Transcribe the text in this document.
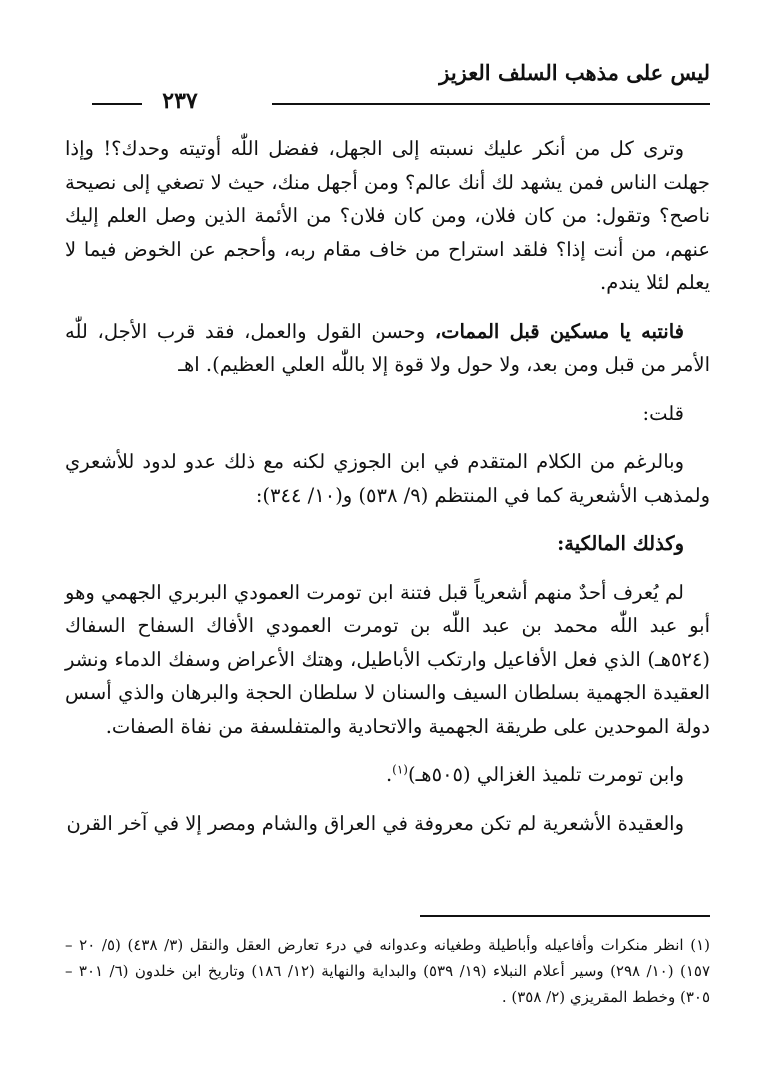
ليس على مذهب السلف العزيز
٢٣٧

وترى كل من أنكر عليك نسبته إلى الجهل، ففضل اللّٰه أوتيته وحدك؟! وإذا جهلت الناس فمن يشهد لك أنك عالم؟ ومن أجهل منك، حيث لا تصغي إلى نصيحة ناصح؟ وتقول: من كان فلان، ومن كان فلان؟ من الأئمة الذين وصل العلم إليك عنهم، من أنت إذا؟ فلقد استراح من خاف مقام ربه، وأحجم عن الخوض فيما لا يعلم لئلا يندم.

فانتبه يا مسكين قبل الممات، وحسن القول والعمل، فقد قرب الأجل، للّٰه الأمر من قبل ومن بعد، ولا حول ولا قوة إلا باللّٰه العلي العظيم). اهـ

قلت:

وبالرغم من الكلام المتقدم في ابن الجوزي لكنه مع ذلك عدو لدود للأشعري ولمذهب الأشعرية كما في المنتظم (٩/ ٥٣٨) و(١٠/ ٣٤٤):

وكذلك المالكية:

لم يُعرف أحدٌ منهم أشعرياً قبل فتنة ابن تومرت العمودي البربري الجهمي وهو أبو عبد اللّٰه محمد بن عبد اللّٰه بن تومرت العمودي الأفاك السفاح السفاك (٥٢٤هـ) الذي فعل الأفاعيل وارتكب الأباطيل، وهتك الأعراض وسفك الدماء ونشر العقيدة الجهمية بسلطان السيف والسنان لا سلطان الحجة والبرهان والذي أسس دولة الموحدين على طريقة الجهمية والاتحادية والمتفلسفة من نفاة الصفات.

وابن تومرت تلميذ الغزالي (٥٠٥هـ)$^{(١)}$.

والعقيدة الأشعرية لم تكن معروفة في العراق والشام ومصر إلا في آخر القرن

(١) انظر منكرات وأفاعيله وأباطيلة وطغيانه وعدوانه في درء تعارض العقل والنقل (٣/ ٤٣٨) (٥/ ٢٠ – ١٥٧) (١٠/ ٢٩٨) وسير أعلام النبلاء (١٩/ ٥٣٩) والبداية والنهاية (١٢/ ١٨٦) وتاريخ ابن خلدون (٦/ ٣٠١ – ٣٠٥) وخطط المقريزي (٢/ ٣٥٨) .
